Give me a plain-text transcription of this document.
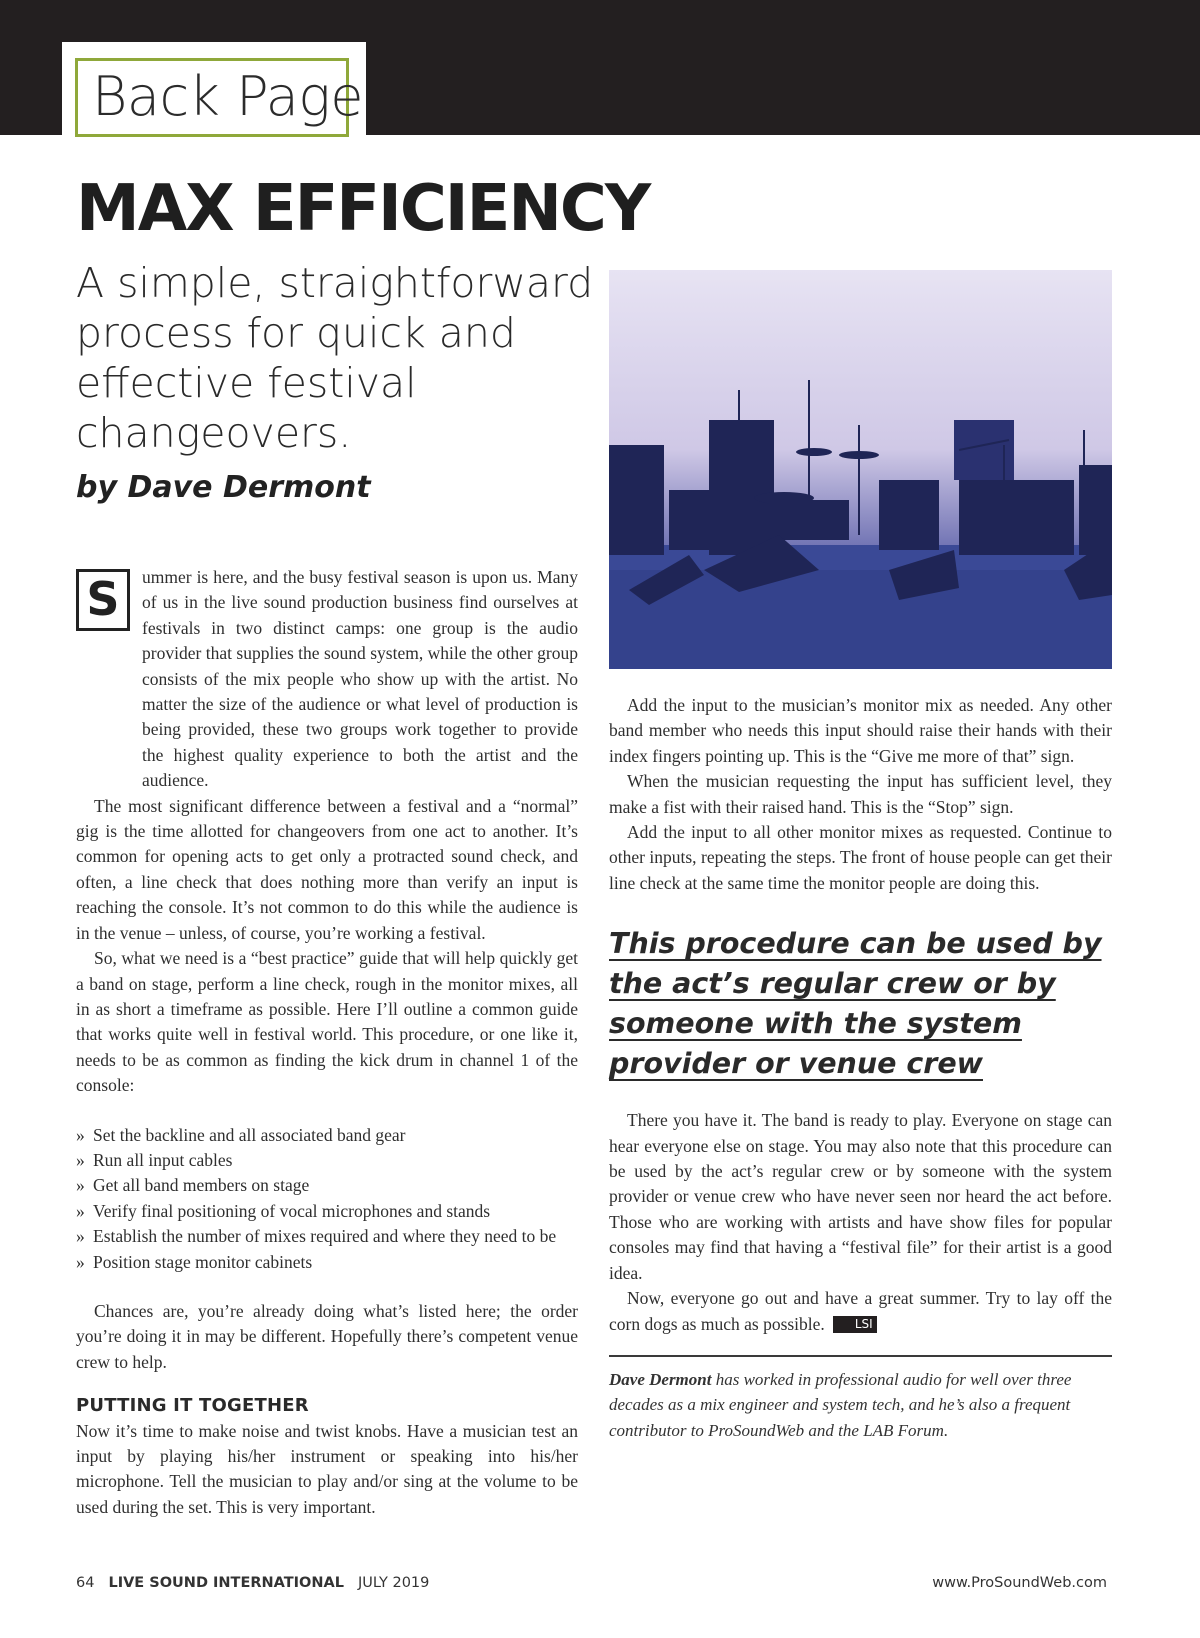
Back Page
MAX EFFICIENCY
A simple, straightforward process for quick and effective festival changeovers.
by Dave Dermont
S	ummer is here, and the busy festival season is upon us. Many of us in the live sound production business find ourselves at festivals in two distinct camps: one group is the audio provider that supplies the sound system, while the other group consists of the mix people who show up with the artist. No matter the size of the audience or what level of production is being provided, these two groups work together to provide the highest quality experience to both the artist and the audience.

The most significant difference between a festival and a “normal” gig is the time allotted for changeovers from one act to another. It’s common for opening acts to get only a protracted sound check, and often, a line check that does nothing more than verify an input is reaching the console. It’s not common to do this while the audience is in the venue – unless, of course, you’re working a festival.

So, what we need is a “best practice” guide that will help quickly get a band on stage, perform a line check, rough in the monitor mixes, all in as short a timeframe as possible. Here I’ll outline a common guide that works quite well in festival world. This procedure, or one like it, needs to be as common as finding the kick drum in channel 1 of the console:

» Set the backline and all associated band gear
» Run all input cables
» Get all band members on stage
» Verify final positioning of vocal microphones and stands
» Establish the number of mixes required and where they need to be
» Position stage monitor cabinets

Chances are, you’re already doing what’s listed here; the order you’re doing it in may be different. Hopefully there’s competent venue crew to help.

PUTTING IT TOGETHER

Now it’s time to make noise and twist knobs. Have a musician test an input by playing his/her instrument or speaking into his/her microphone. Tell the musician to play and/or sing at the volume to be used during the set. This is very important.

Add the input to the musician’s monitor mix as needed. Any other band member who needs this input should raise their hands with their index fingers pointing up. This is the “Give me more of that” sign.

When the musician requesting the input has sufficient level, they make a fist with their raised hand. This is the “Stop” sign.

Add the input to all other monitor mixes as requested. Continue to other inputs, repeating the steps. The front of house people can get their line check at the same time the monitor people are doing this.

This procedure can be used by the act’s regular crew or by someone with the system provider or venue crew

There you have it. The band is ready to play. Everyone on stage can hear everyone else on stage. You may also note that this procedure can be used by the act’s regular crew or by someone with the system provider or venue crew who have never seen nor heard the act before. Those who are working with artists and have show files for popular consoles may find that having a “festival file” for their artist is a good idea.

Now, everyone go out and have a great summer. Try to lay off the corn dogs as much as possible.	LSI

Dave Dermont has worked in professional audio for well over three decades as a mix engineer and system tech, and he’s also a frequent contributor to ProSoundWeb and the LAB Forum.

64 LIVE SOUND INTERNATIONAL JULY 2019	www.ProSoundWeb.com
